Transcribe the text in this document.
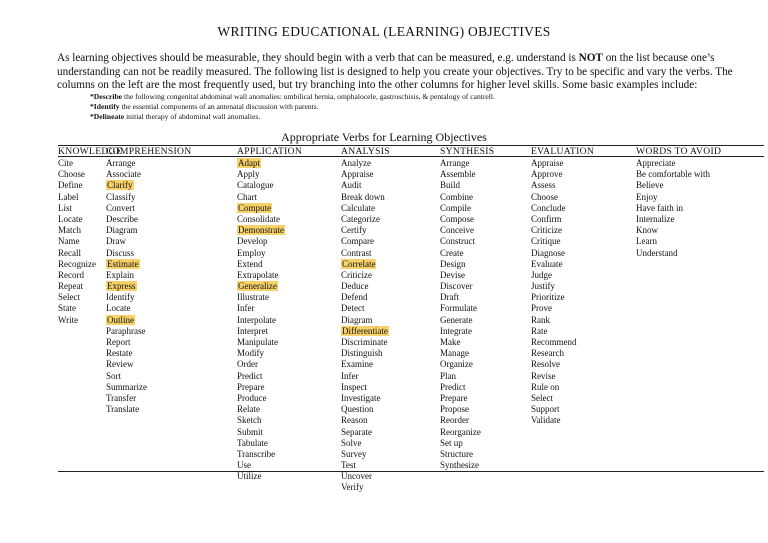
WRITING EDUCATIONAL (LEARNING) OBJECTIVES
As learning objectives should be measurable, they should begin with a verb that can be measured, e.g. understand is NOT on the list because one’s understanding can not be readily measured. The following list is designed to help you create your objectives. Try to be specific and vary the verbs. The columns on the left are the most frequently used, but try branching into the other columns for higher level skills. Some basic examples include:
*Describe the following congenital abdominal wall anomalies: umbilical hernia, omphalocele, gastroschisis, & pentalogy of cantrell.
*Identify the essential components of an antenatal discussion with parents.
*Delineate initial therapy of abdominal wall anomalies.
Appropriate Verbs for Learning Objectives
KNOWLEDGE
Cite
Choose
Define
Label
List
Locate
Match
Name
Recall
Recognize
Record
Repeat
Select
State
Write
COMPREHENSION
Arrange
Associate
Clarify
Classify
Convert
Describe
Diagram
Draw
Discuss
Estimate
Explain
Express
Identify
Locate
Outline
Paraphrase
Report
Restate
Review
Sort
Summarize
Transfer
Translate
APPLICATION
Adapt
Apply
Catalogue
Chart
Compute
Consolidate
Demonstrate
Develop
Employ
Extend
Extrapolate
Generalize
Illustrate
Infer
Interpolate
Interpret
Manipulate
Modify
Order
Predict
Prepare
Produce
Relate
Sketch
Submit
Tabulate
Transcribe
Use
Utilize
ANALYSIS
Analyze
Appraise
Audit
Break down
Calculate
Categorize
Certify
Compare
Contrast
Correlate
Criticize
Deduce
Defend
Detect
Diagram
Differentiate
Discriminate
Distinguish
Examine
Infer
Inspect
Investigate
Question
Reason
Separate
Solve
Survey
Test
Uncover
Verify
SYNTHESIS
Arrange
Assemble
Build
Combine
Compile
Compose
Conceive
Construct
Create
Design
Devise
Discover
Draft
Formulate
Generate
Integrate
Make
Manage
Organize
Plan
Predict
Prepare
Propose
Reorder
Reorganize
Set up
Structure
Synthesize
EVALUATION
Appraise
Approve
Assess
Choose
Conclude
Confirm
Criticize
Critique
Diagnose
Evaluate
Judge
Justify
Prioritize
Prove
Rank
Rate
Recommend
Research
Resolve
Revise
Rule on
Select
Support
Validate
WORDS TO AVOID
Appreciate
Be comfortable with
Believe
Enjoy
Have faith in
Internalize
Know
Learn
Understand
